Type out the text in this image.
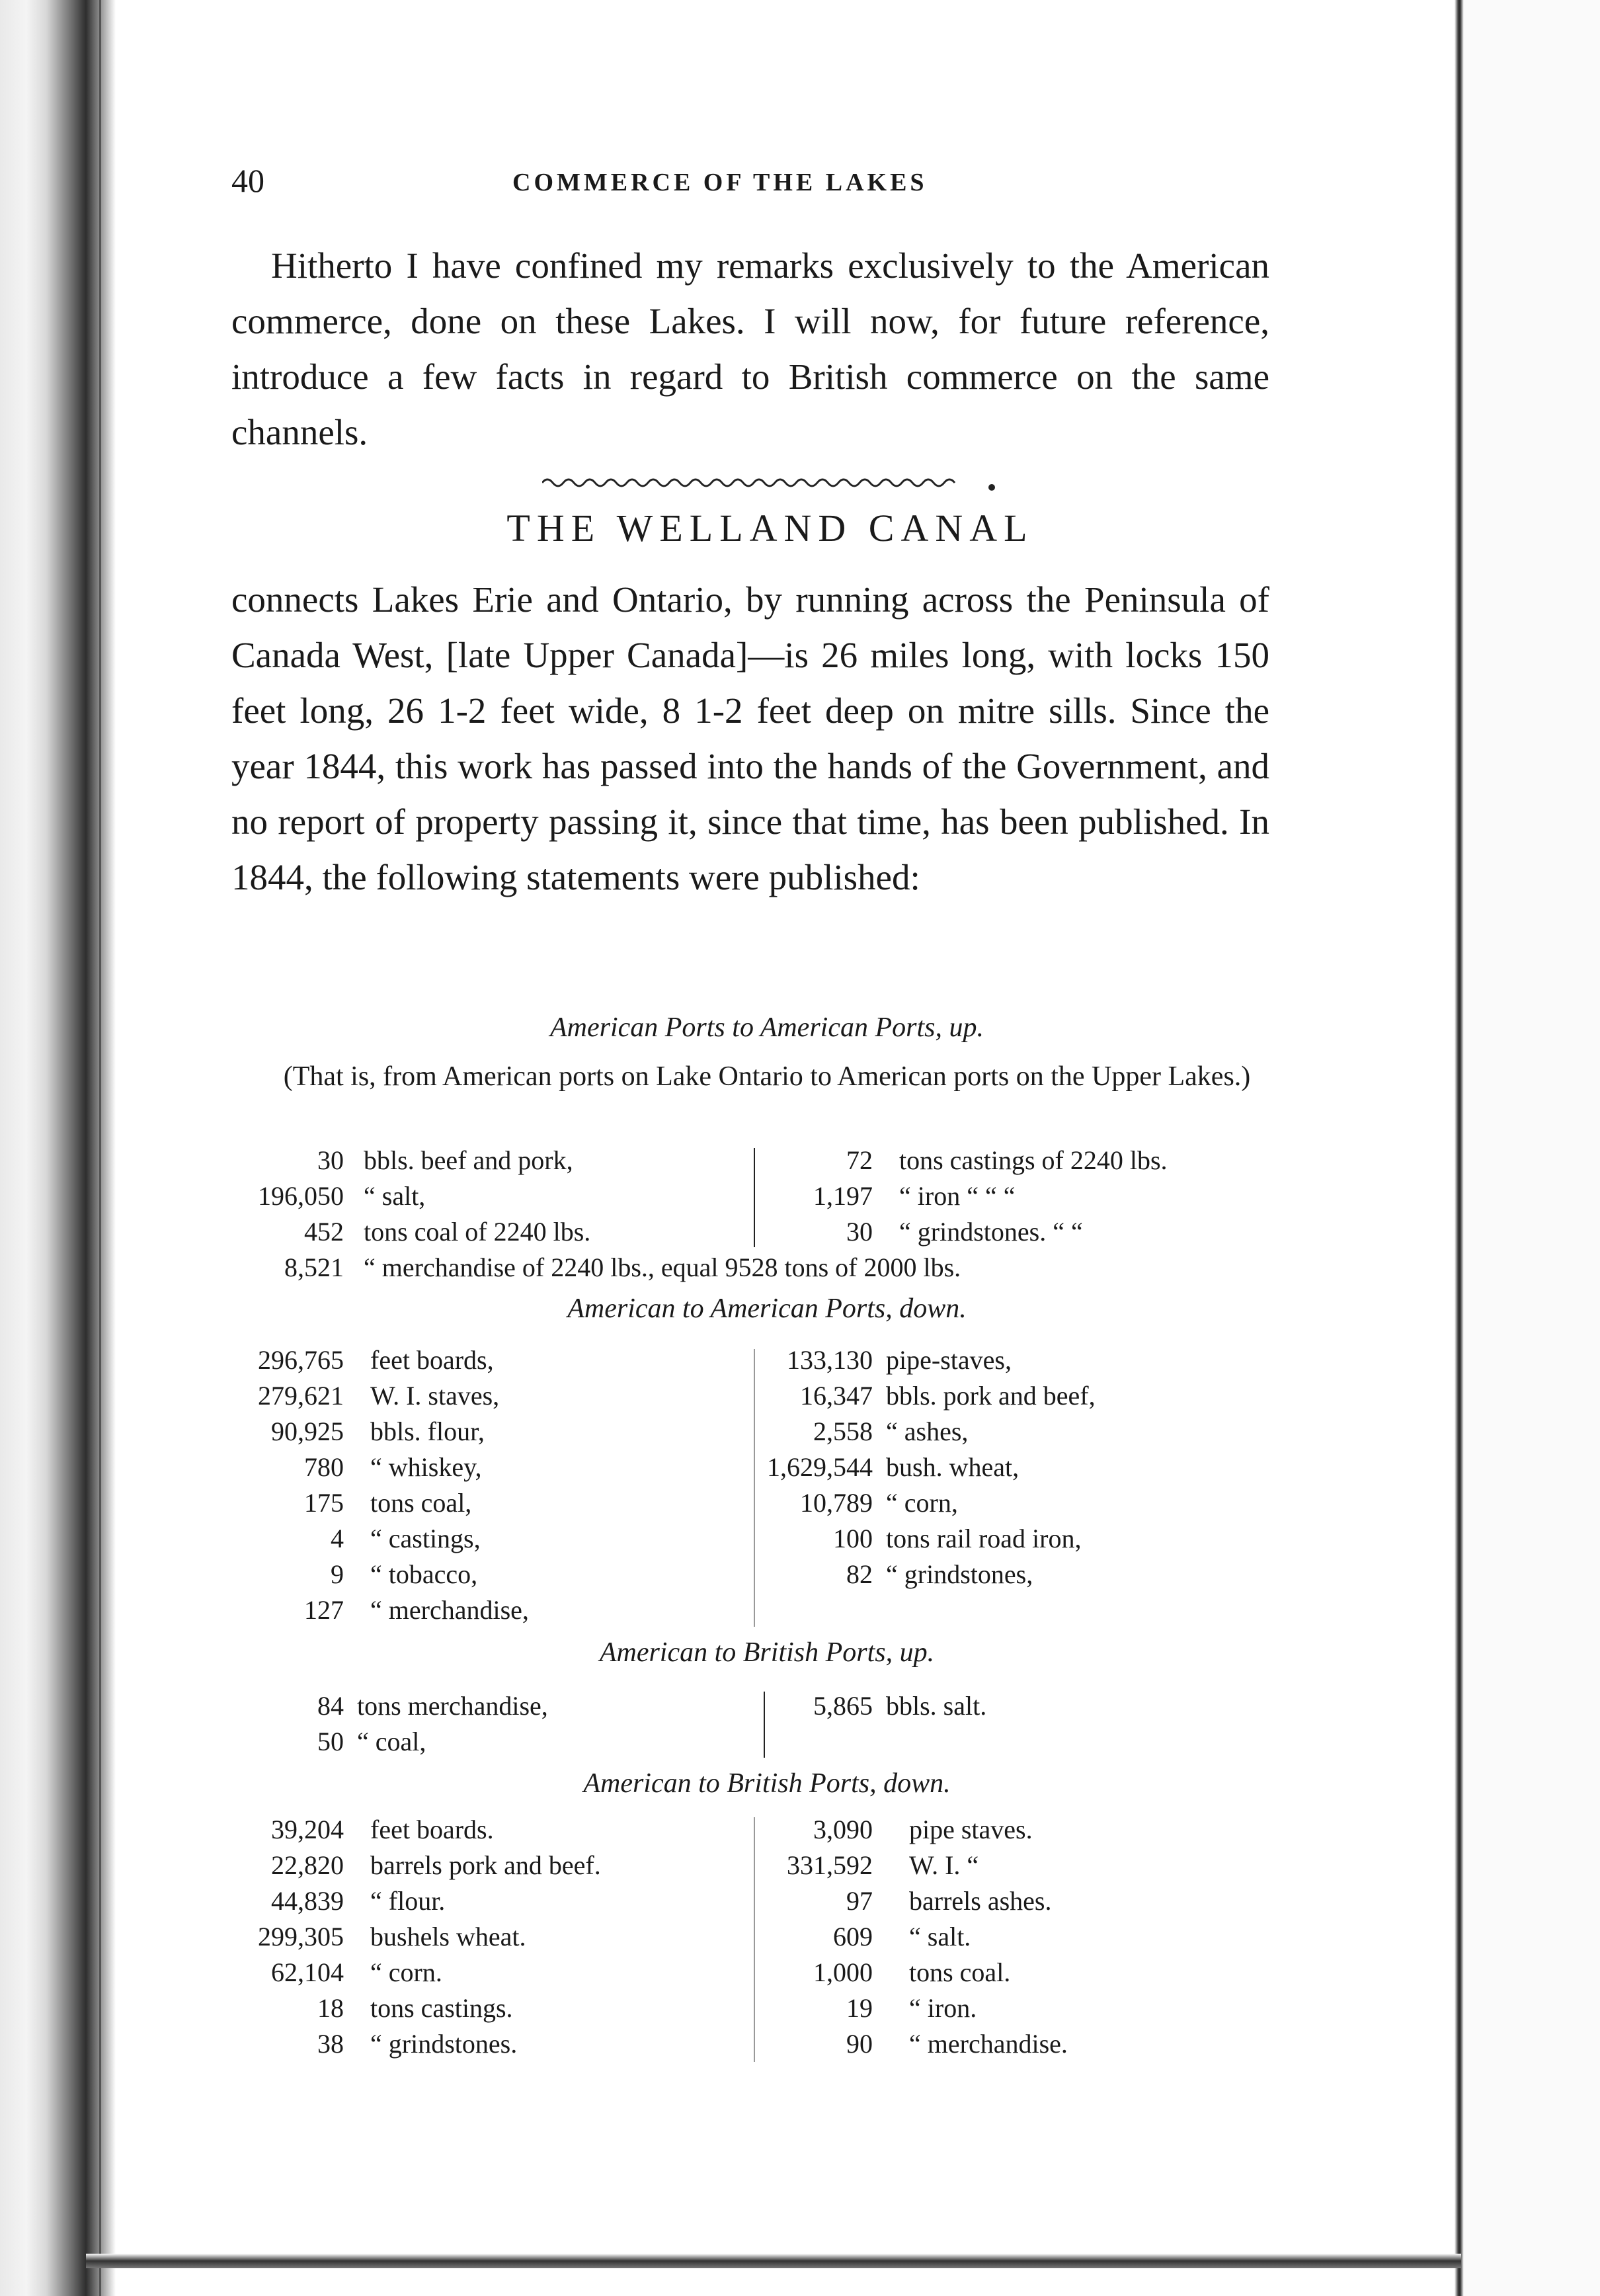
40	COMMERCE OF THE LAKES
Hitherto I have confined my remarks exclusively to the American commerce, done on these Lakes. I will now, for future reference, introduce a few facts in regard to British commerce on the same channels.
THE WELLAND CANAL
connects Lakes Erie and Ontario, by running across the Peninsula of Canada West, [late Upper Canada]—is 26 miles long, with locks 150 feet long, 26 1-2 feet wide, 8 1-2 feet deep on mitre sills. Since the year 1844, this work has passed into the hands of the Government, and no report of property passing it, since that time, has been published. In 1844, the following statements were published:
American Ports to American Ports, up.
(That is, from American ports on Lake Ontario to American ports on the Upper Lakes.)
30 bbls. beef and pork,	72 tons castings of 2240 lbs.
196,050 “ salt,	1,197 “ iron “ “ “
452 tons coal of 2240 lbs.	30 “ grindstones. “ “
8,521 “ merchandise of 2240 lbs., equal 9528 tons of 2000 lbs.
American to American Ports, down.
296,765 feet boards,	133,130 pipe-staves,
279,621 W. I. staves,	16,347 bbls. pork and beef,
90,925 bbls. flour,	2,558 “ ashes,
780 “ whiskey,	1,629,544 bush. wheat,
175 tons coal,	10,789 “ corn,
4 “ castings,	100 tons rail road iron,
9 “ tobacco,	82 “ grindstones,
127 “ merchandise,
American to British Ports, up.
84 tons merchandise,	5,865 bbls. salt.
50 “ coal,
American to British Ports, down.
39,204 feet boards.	3,090 pipe staves.
22,820 barrels pork and beef.	331,592 W. I. “
44,839 “ flour.	97 barrels ashes.
299,305 bushels wheat.	609 “ salt.
62,104 “ corn.	1,000 tons coal.
18 tons castings.	19 “ iron.
38 “ grindstones.	90 “ merchandise.
